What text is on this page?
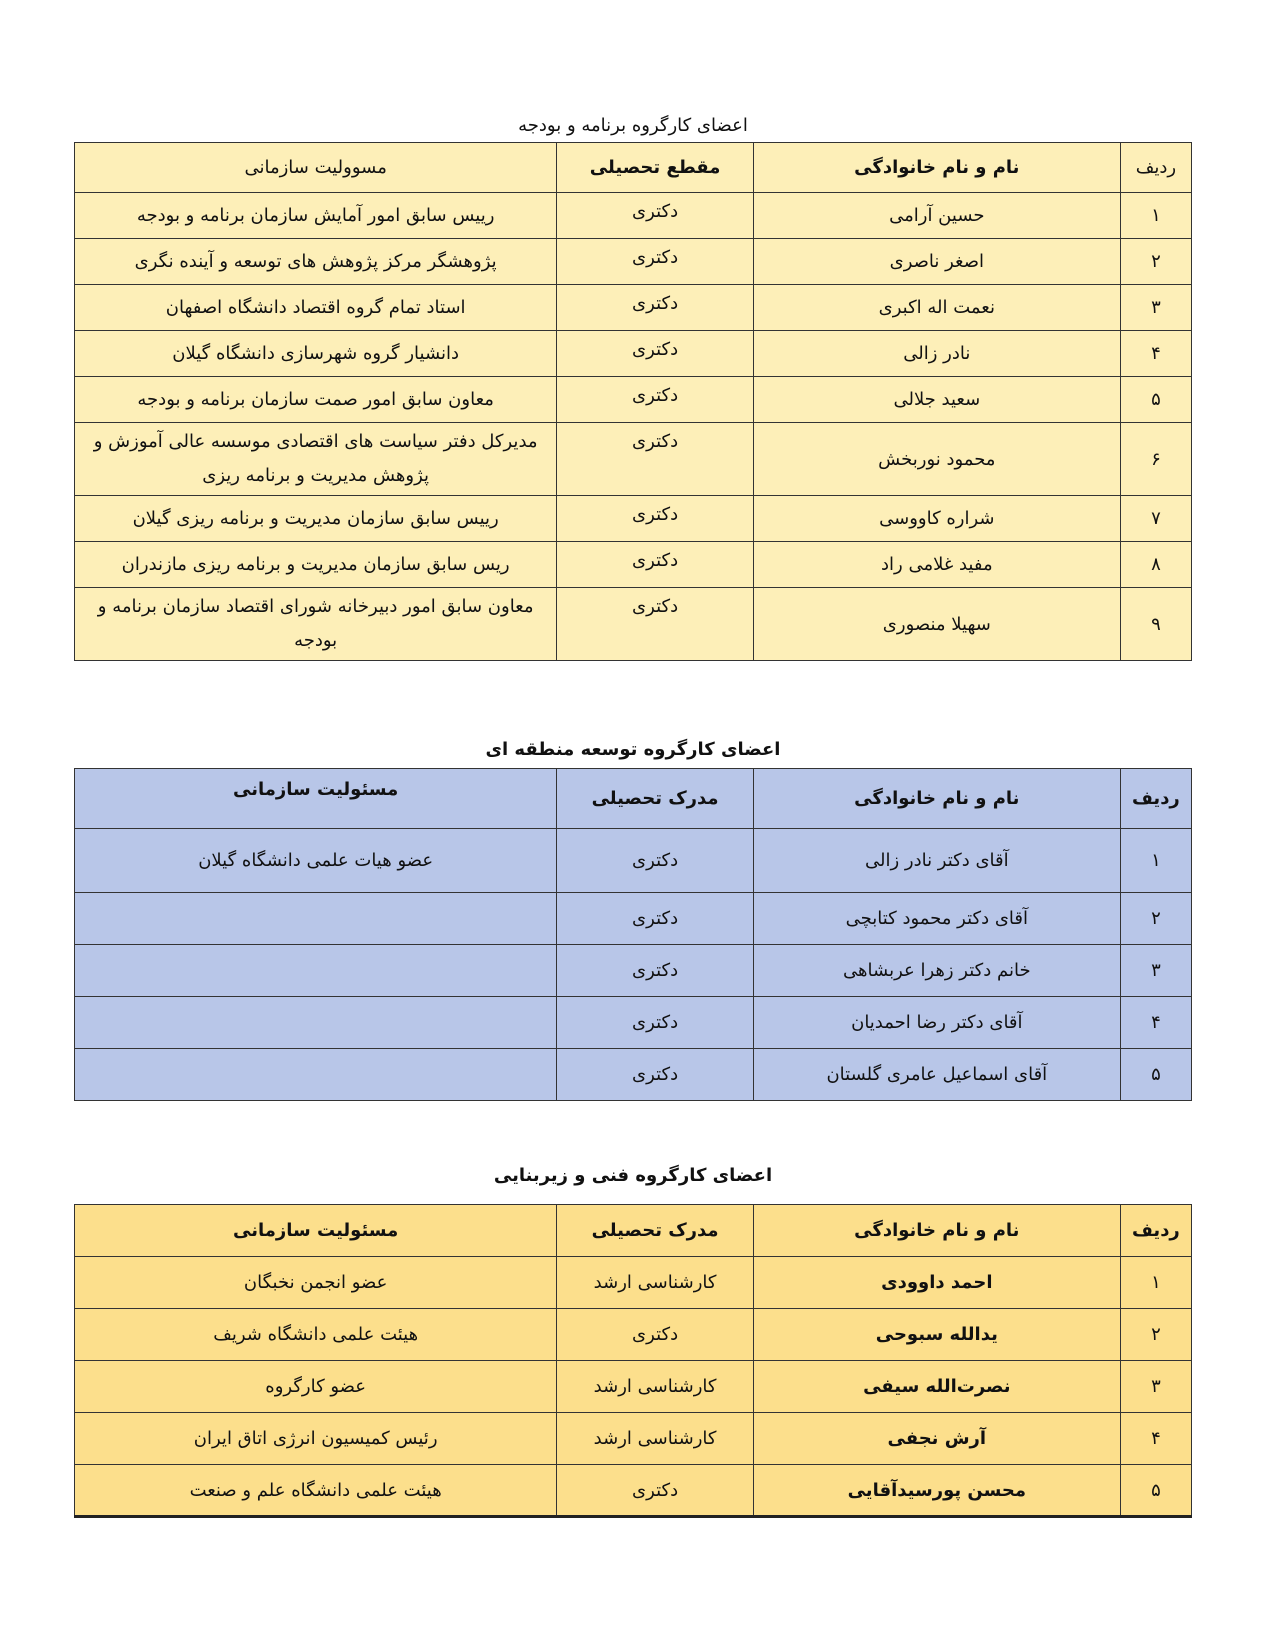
اعضای کارگروه برنامه و بودجه
ردیف	نام و نام خانوادگی	مقطع تحصیلی	مسوولیت سازمانی
۱	حسین آرامی	دکتری	رییس سابق امور آمایش سازمان برنامه و بودجه
۲	اصغر ناصری	دکتری	پژوهشگر مرکز پژوهش های توسعه و آینده نگری
۳	نعمت اله اکبری	دکتری	استاد تمام گروه اقتصاد دانشگاه اصفهان
۴	نادر زالی	دکتری	دانشیار گروه شهرسازی دانشگاه گیلان
۵	سعید جلالی	دکتری	معاون سابق امور صمت سازمان برنامه و بودجه
۶	محمود نوربخش	دکتری	مدیرکل دفتر سیاست های اقتصادی موسسه عالی آموزش و پژوهش مدیریت و برنامه ریزی
۷	شراره کاووسی	دکتری	رییس سابق سازمان مدیریت و برنامه ریزی گیلان
۸	مفید غلامی راد	دکتری	ریس سابق سازمان مدیریت و برنامه ریزی مازندران
۹	سهیلا منصوری	دکتری	معاون سابق امور دبیرخانه شورای اقتصاد سازمان برنامه و بودجه
اعضای کارگروه توسعه منطقه ای
ردیف	نام و نام خانوادگی	مدرک تحصیلی	مسئولیت سازمانی
۱	آقای دکتر نادر زالی	دکتری	عضو هیات علمی دانشگاه گیلان
۲	آقای دکتر محمود کتابچی	دکتری	
۳	خانم دکتر زهرا عربشاهی	دکتری	
۴	آقای دکتر رضا احمدیان	دکتری	
۵	آقای اسماعیل عامری گلستان	دکتری	
اعضای کارگروه فنی و زیربنایی
ردیف	نام و نام خانوادگی	مدرک تحصیلی	مسئولیت سازمانی
۱	احمد داوودی	کارشناسی ارشد	عضو انجمن نخبگان
۲	یدالله سبوحی	دکتری	هیئت علمی دانشگاه شریف
۳	نصرت‌الله سیفی	کارشناسی ارشد	عضو کارگروه
۴	آرش نجفی	کارشناسی ارشد	رئیس کمیسیون انرژی اتاق ایران
۵	محسن پورسیدآقایی	دکتری	هیئت علمی دانشگاه علم و صنعت
